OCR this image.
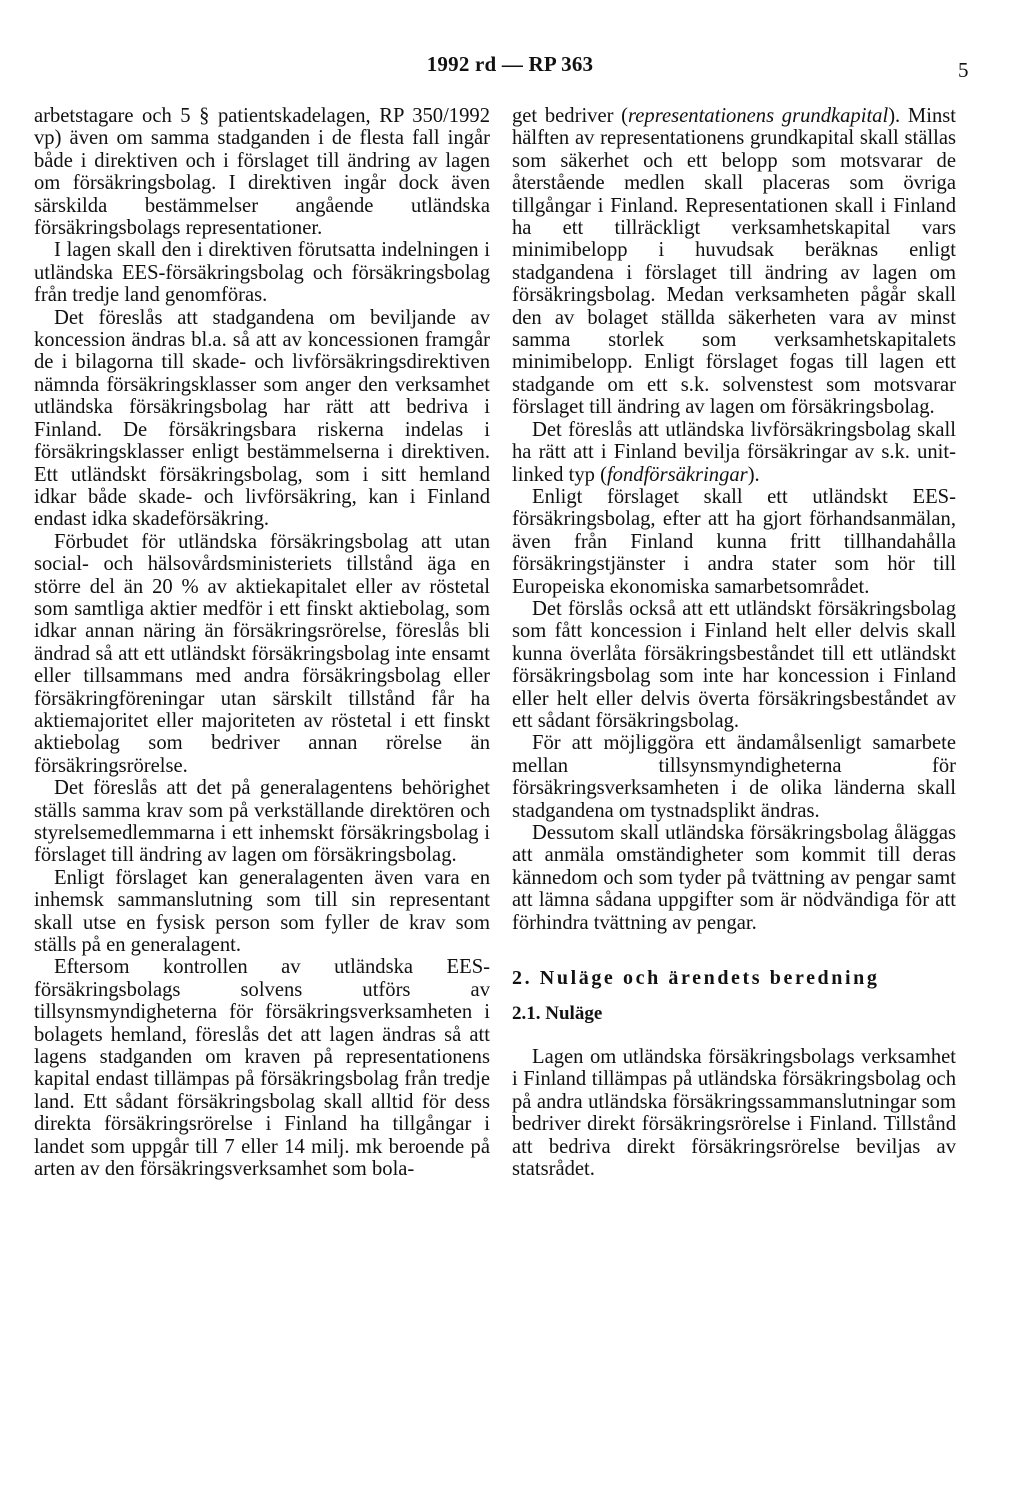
1992 rd — RP 363	5

arbetstagare och 5 § patientskadelagen, RP 350/1992 vp) även om samma stadganden i de flesta fall ingår både i direktiven och i förslaget till ändring av lagen om försäkringsbolag. I direktiven ingår dock även särskilda bestämmelser angående utländska försäkringsbolags representationer.

I lagen skall den i direktiven förutsatta indelningen i utländska EES-försäkringsbolag och försäkringsbolag från tredje land genomföras.

Det föreslås att stadgandena om beviljande av koncession ändras bl.a. så att av koncessionen framgår de i bilagorna till skade- och livförsäkringsdirektiven nämnda försäkringsklasser som anger den verksamhet utländska försäkringsbolag har rätt att bedriva i Finland. De försäkringsbara riskerna indelas i försäkringsklasser enligt bestämmelserna i direktiven. Ett utländskt försäkringsbolag, som i sitt hemland idkar både skade- och livförsäkring, kan i Finland endast idka skadeförsäkring.

Förbudet för utländska försäkringsbolag att utan social- och hälsovårdsministeriets tillstånd äga en större del än 20 % av aktiekapitalet eller av röstetal som samtliga aktier medför i ett finskt aktiebolag, som idkar annan näring än försäkringsrörelse, föreslås bli ändrad så att ett utländskt försäkringsbolag inte ensamt eller tillsammans med andra försäkringsbolag eller försäkringföreningar utan särskilt tillstånd får ha aktiemajoritet eller majoriteten av röstetal i ett finskt aktiebolag som bedriver annan rörelse än försäkringsrörelse.

Det föreslås att det på generalagentens behörighet ställs samma krav som på verkställande direktören och styrelsemedlemmarna i ett inhemskt försäkringsbolag i förslaget till ändring av lagen om försäkringsbolag.

Enligt förslaget kan generalagenten även vara en inhemsk sammanslutning som till sin representant skall utse en fysisk person som fyller de krav som ställs på en generalagent.

Eftersom kontrollen av utländska EES-försäkringsbolags solvens utförs av tillsynsmyndigheterna för försäkringsverksamheten i bolagets hemland, föreslås det att lagen ändras så att lagens stadganden om kraven på representationens kapital endast tillämpas på försäkringsbolag från tredje land. Ett sådant försäkringsbolag skall alltid för dess direkta försäkringsrörelse i Finland ha tillgångar i landet som uppgår till 7 eller 14 milj. mk beroende på arten av den försäkringsverksamhet som bola-

get bedriver (representationens grundkapital). Minst hälften av representationens grundkapital skall ställas som säkerhet och ett belopp som motsvarar de återstående medlen skall placeras som övriga tillgångar i Finland. Representationen skall i Finland ha ett tillräckligt verksamhetskapital vars minimibelopp i huvudsak beräknas enligt stadgandena i förslaget till ändring av lagen om försäkringsbolag. Medan verksamheten pågår skall den av bolaget ställda säkerheten vara av minst samma storlek som verksamhetskapitalets minimibelopp. Enligt förslaget fogas till lagen ett stadgande om ett s.k. solvenstest som motsvarar förslaget till ändring av lagen om försäkringsbolag.

Det föreslås att utländska livförsäkringsbolag skall ha rätt att i Finland bevilja försäkringar av s.k. unit-linked typ (fondförsäkringar).

Enligt förslaget skall ett utländskt EES-försäkringsbolag, efter att ha gjort förhandsanmälan, även från Finland kunna fritt tillhandahålla försäkringstjänster i andra stater som hör till Europeiska ekonomiska samarbetsområdet.

Det förslås också att ett utländskt försäkringsbolag som fått koncession i Finland helt eller delvis skall kunna överlåta försäkringsbeståndet till ett utländskt försäkringsbolag som inte har koncession i Finland eller helt eller delvis överta försäkringsbeståndet av ett sådant försäkringsbolag.

För att möjliggöra ett ändamålsenligt samarbete mellan tillsynsmyndigheterna för försäkringsverksamheten i de olika länderna skall stadgandena om tystnadsplikt ändras.

Dessutom skall utländska försäkringsbolag åläggas att anmäla omständigheter som kommit till deras kännedom och som tyder på tvättning av pengar samt att lämna sådana uppgifter som är nödvändiga för att förhindra tvättning av pengar.

2. Nuläge och ärendets beredning
2.1. Nuläge

Lagen om utländska försäkringsbolags verksamhet i Finland tillämpas på utländska försäkringsbolag och på andra utländska försäkringssammanslutningar som bedriver direkt försäkringsrörelse i Finland. Tillstånd att bedriva direkt försäkringsrörelse beviljas av statsrådet.
